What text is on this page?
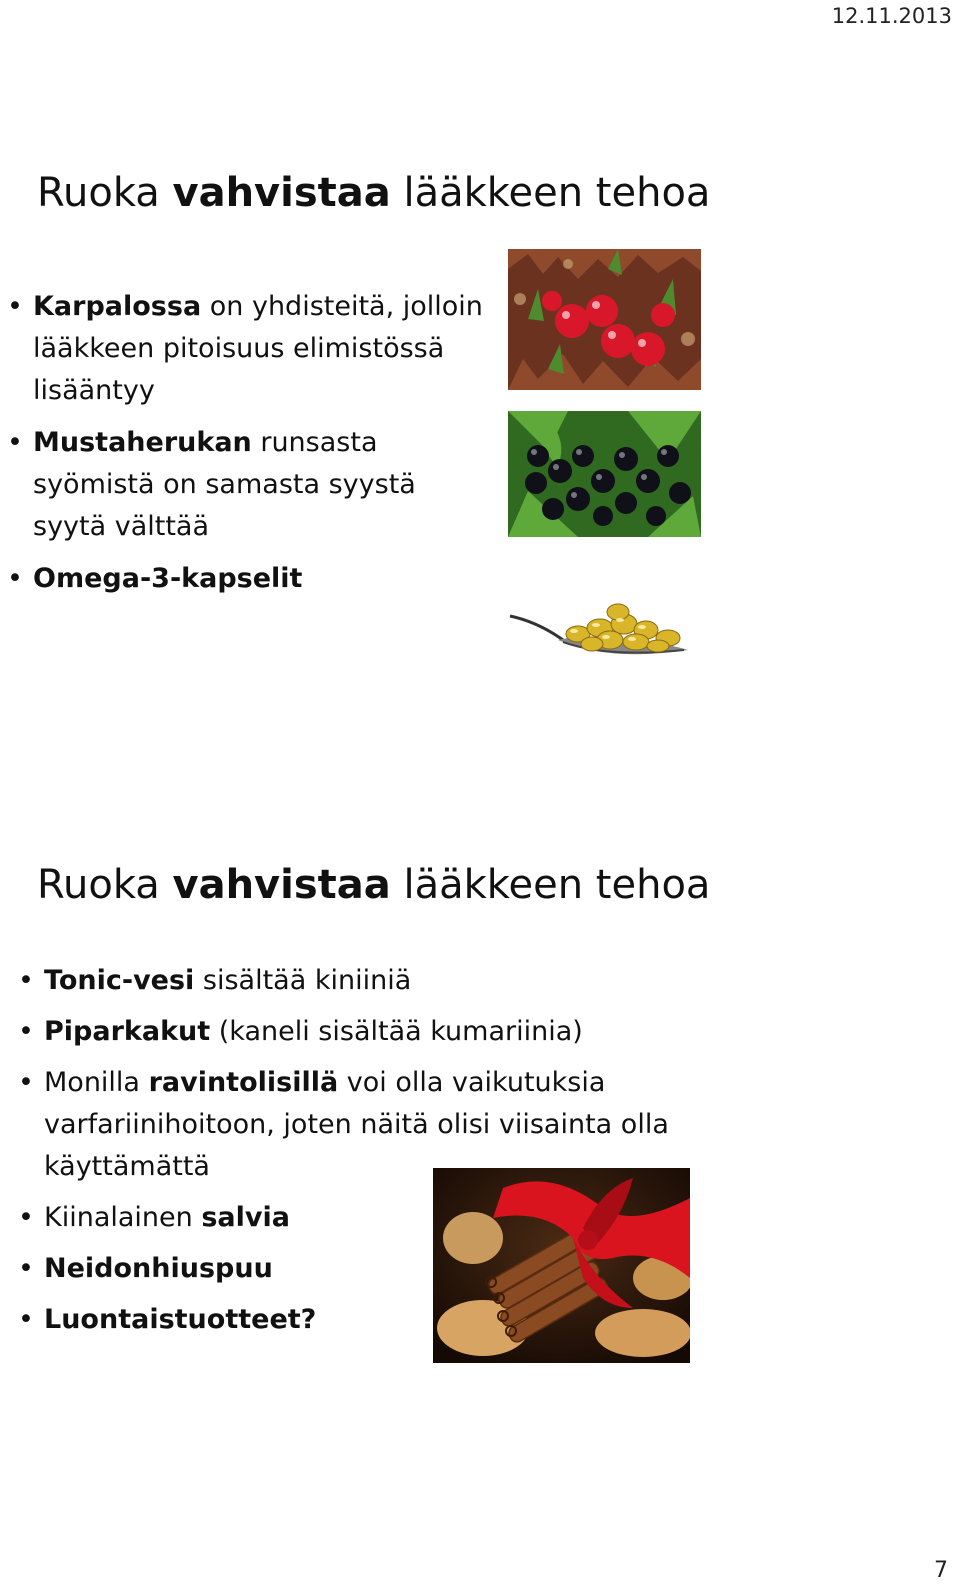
12.11.2013
Ruoka vahvistaa lääkkeen tehoa
• Karpalossa on yhdisteitä, jolloin lääkkeen pitoisuus elimistössä lisääntyy
• Mustaherukan runsasta syömistä on samasta syystä syytä välttää
• Omega-3-kapselit
Ruoka vahvistaa lääkkeen tehoa
• Tonic-vesi sisältää kiniiniä
• Piparkakut (kaneli sisältää kumariinia)
• Monilla ravintolisillä voi olla vaikutuksia varfariinihoitoon, joten näitä olisi viisainta olla käyttämättä
• Kiinalainen salvia
• Neidonhiuspuu
• Luontaistuotteet?
7
